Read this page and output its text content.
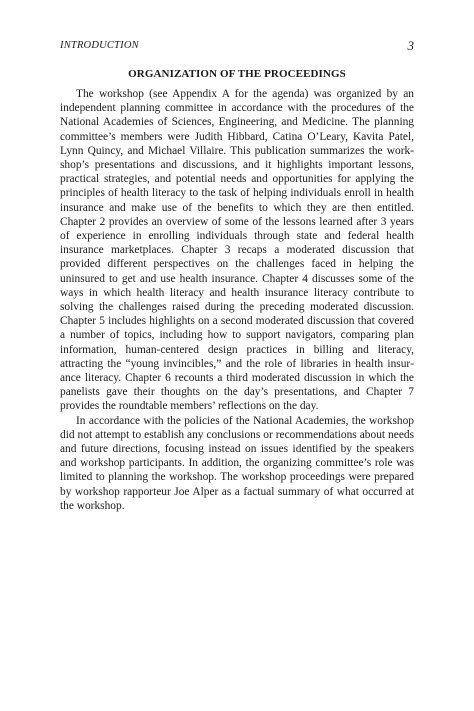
INTRODUCTION	3
ORGANIZATION OF THE PROCEEDINGS

The workshop (see Appendix A for the agenda) was organized by an independent planning committee in accordance with the procedures of the National Academies of Sciences, Engineering, and Medicine. The planning committee’s members were Judith Hibbard, Catina O’Leary, Kavita Patel, Lynn Quincy, and Michael Villaire. This publication summarizes the workshop’s presentations and discussions, and it highlights important lessons, practical strategies, and potential needs and opportunities for applying the principles of health literacy to the task of helping individuals enroll in health insurance and make use of the benefits to which they are then entitled. Chapter 2 provides an overview of some of the lessons learned after 3 years of experience in enrolling individuals through state and federal health insurance marketplaces. Chapter 3 recaps a moderated discussion that provided different perspectives on the challenges faced in helping the uninsured to get and use health insurance. Chapter 4 discusses some of the ways in which health literacy and health insurance literacy contribute to solving the challenges raised during the preceding moderated discussion. Chapter 5 includes highlights on a second moderated discussion that covered a number of topics, including how to support navigators, comparing plan information, human-centered design practices in billing and literacy, attracting the “young invincibles,” and the role of libraries in health insurance literacy. Chapter 6 recounts a third moderated discussion in which the panelists gave their thoughts on the day’s presentations, and Chapter 7 provides the roundtable members’ reflections on the day.

In accordance with the policies of the National Academies, the workshop did not attempt to establish any conclusions or recommendations about needs and future directions, focusing instead on issues identified by the speakers and workshop participants. In addition, the organizing committee’s role was limited to planning the workshop. The workshop proceedings were prepared by workshop rapporteur Joe Alper as a factual summary of what occurred at the workshop.
